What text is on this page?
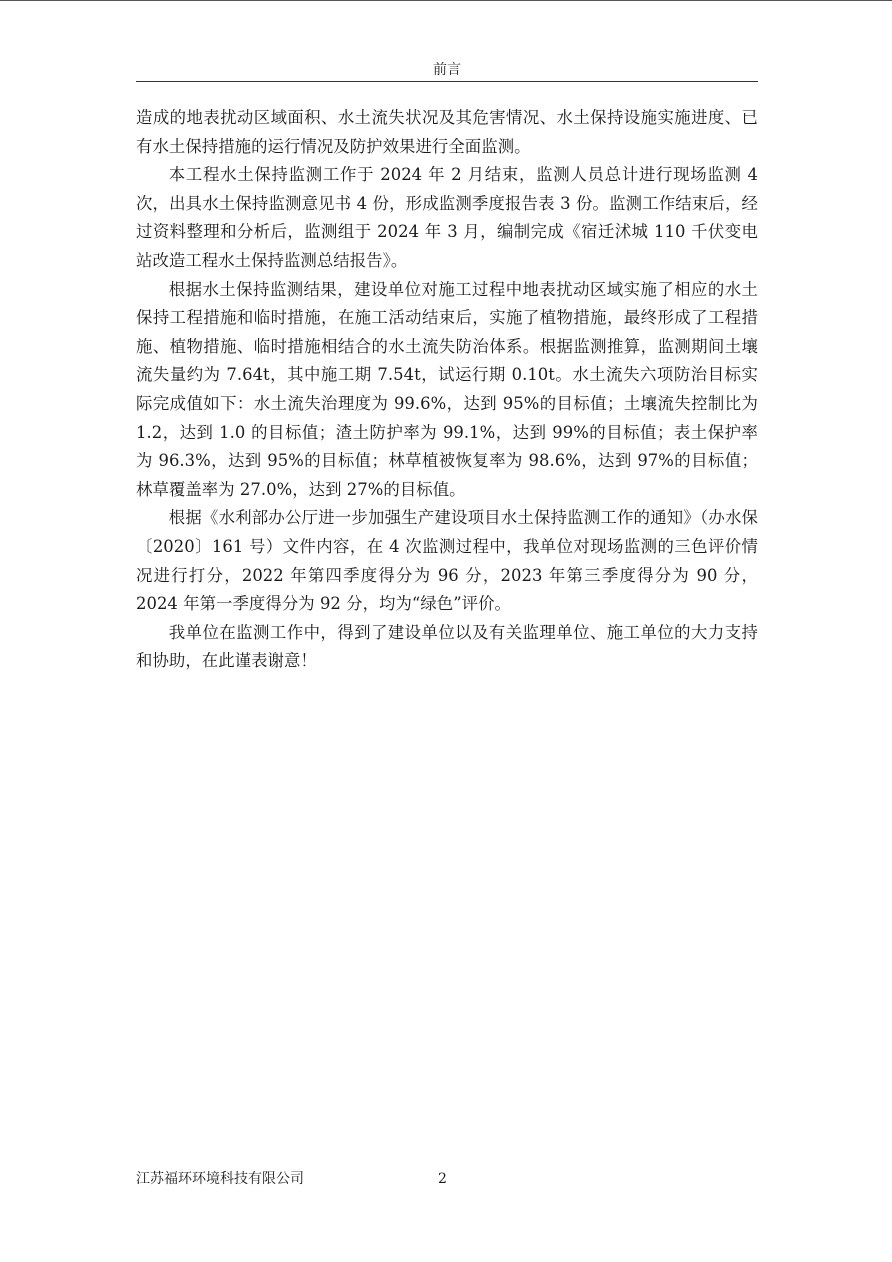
前言

造成的地表扰动区域面积、水土流失状况及其危害情况、水土保持设施实施进度、已有水土保持措施的运行情况及防护效果进行全面监测。

本工程水土保持监测工作于 2024 年 2 月结束，监测人员总计进行现场监测 4 次，出具水土保持监测意见书 4 份，形成监测季度报告表 3 份。监测工作结束后，经过资料整理和分析后，监测组于 2024 年 3 月，编制完成《宿迁沭城 110 千伏变电站改造工程水土保持监测总结报告》。

根据水土保持监测结果，建设单位对施工过程中地表扰动区域实施了相应的水土保持工程措施和临时措施，在施工活动结束后，实施了植物措施，最终形成了工程措施、植物措施、临时措施相结合的水土流失防治体系。根据监测推算，监测期间土壤流失量约为 7.64t，其中施工期 7.54t，试运行期 0.10t。水土流失六项防治目标实际完成值如下：水土流失治理度为 99.6%，达到 95%的目标值；土壤流失控制比为 1.2，达到 1.0 的目标值；渣土防护率为 99.1%，达到 99%的目标值；表土保护率为 96.3%，达到 95%的目标值；林草植被恢复率为 98.6%，达到 97%的目标值；林草覆盖率为 27.0%，达到 27%的目标值。

根据《水利部办公厅进一步加强生产建设项目水土保持监测工作的通知》（办水保〔2020〕161 号）文件内容，在 4 次监测过程中，我单位对现场监测的三色评价情况进行打分，2022 年第四季度得分为 96 分，2023 年第三季度得分为 90 分，2024 年第一季度得分为 92 分，均为“绿色”评价。

我单位在监测工作中，得到了建设单位以及有关监理单位、施工单位的大力支持和协助，在此谨表谢意！

江苏福环环境科技有限公司	2
